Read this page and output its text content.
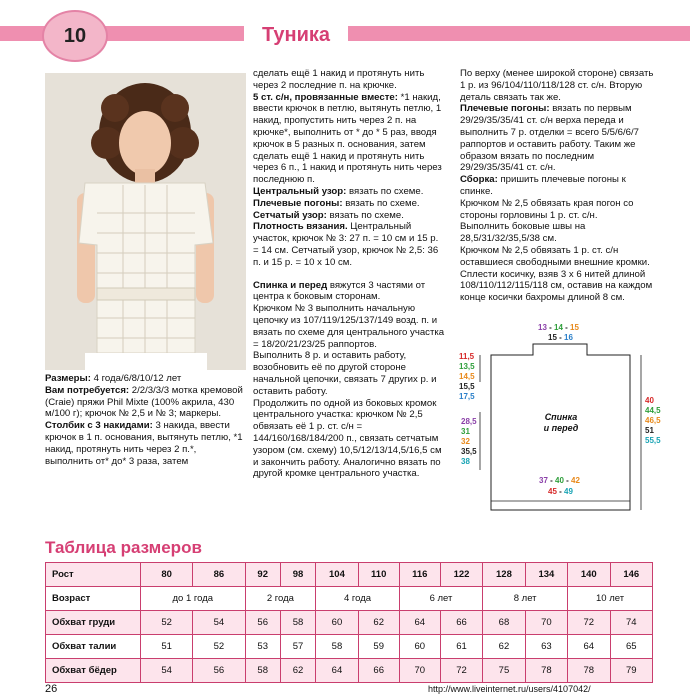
10	Туника

Размеры: 4 года/6/8/10/12 лет

Вам потребуется: 2/2/3/3/3 мотка кремовой (Craie) пряжи Phil Mixte (100% акрила, 430 м/100 г); крючок № 2,5 и № 3; маркеры.

Столбик с 3 накидами: 3 накида, ввести крючок в 1 п. основания, вытянуть петлю, *1 накид, протянуть нить через 2 п.*, выполнить от* до* 3 раза, затем

сделать ещё 1 накид и протянуть нить через 2 последние п. на крючке.

5 ст. с/н, провязанные вместе: *1 накид, ввести крючок в петлю, вытянуть петлю, 1 накид, пропустить нить через 2 п. на крючке*, выполнить от * до * 5 раз, вводя крючок в 5 разных п. основания, затем сделать ещё 1 накид и протянуть нить через 6 п., 1 накид и протянуть нить через последнюю п.

Центральный узор: вязать по схеме.

Плечевые погоны: вязать по схеме.

Сетчатый узор: вязать по схеме.

Плотность вязания. Центральный участок, крючок № 3: 27 п. = 10 см и 15 р. = 14 см. Сетчатый узор, крючок № 2,5: 36 п. и 15 р. = 10 х 10 см.

Спинка и перед вяжутся 3 частями от центра к боковым сторонам.

Крючком № 3 выполнить начальную цепочку из 107/119/125/137/149 возд. п. и вязать по схеме для центрального участка = 18/20/21/23/25 раппортов.

Выполнить 8 р. и оставить работу, возобновить её по другой стороне начальной цепочки, связать 7 других р. и оставить работу.

Продолжить по одной из боковых кромок центрального участка: крючком № 2,5 обвязать её 1 р. ст. с/н = 144/160/168/184/200 п., связать сетчатым узором (см. схему) 10,5/12/13/14,5/16,5 см и закончить работу. Аналогично вязать по другой кромке центрального участка.

По верху (менее широкой стороне) связать 1 р. из 96/104/110/118/128 ст. с/н. Вторую деталь связать так же.

Плечевые погоны: вязать по первым 29/29/35/35/41 ст. с/н верха переда и выполнить 7 р. отделки = всего 5/5/6/6/7 раппортов и оставить работу. Таким же образом вязать по последним 29/29/35/35/41 ст. с/н.

Сборка: пришить плечевые погоны к спинке.

Крючком № 2,5 обвязать края погон со стороны горловины 1 р. ст. с/н.

Выполнить боковые швы на 28,5/31/32/35,5/38 см.

Крючком № 2,5 обвязать 1 р. ст. с/н оставшиеся свободными внешние кромки.

Сплести косичку, взяв 3 х 6 нитей длиной 108/110/112/115/118 см, оставив на каждом конце косички бахромы длиной 8 см.

13 - 14 - 15
15 - 16
11,5
13,5
14,5
15,5
17,5
28,5
31
32
35,5
38
40
44,5
46,5
51
55,5
Спинка
и перед
37 - 40 - 42
45 - 49
Таблица размеров
Рост	80	86	92	98	104	110	116	122	128	134	140	146
Возраст	до 1 года		2 года		4 года		6 лет		8 лет		10 лет	
Обхват груди	52	54	56	58	60	62	64	66	68	70	72	74
Обхват талии	51	52	53	57	58	59	60	61	62	63	64	65
Обхват бёдер	54	56	58	62	64	66	70	72	75	78	78	79
26	http://www.liveinternet.ru/users/4107042/
